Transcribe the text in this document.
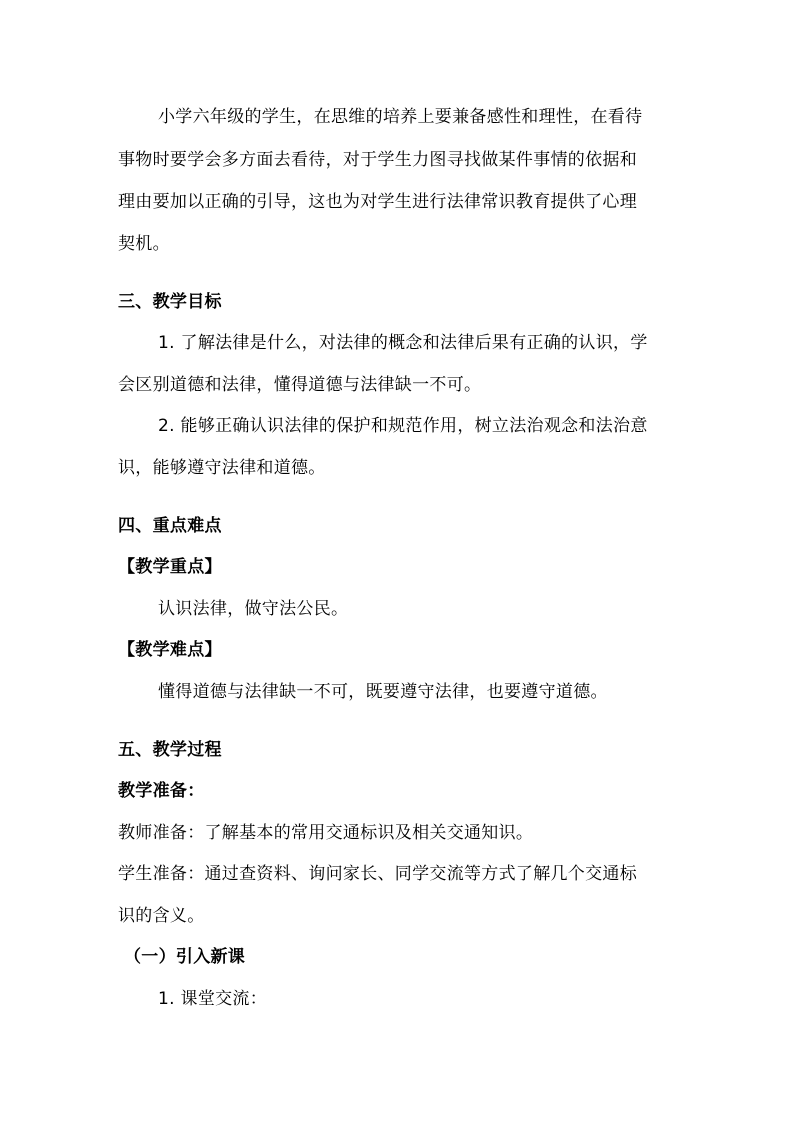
小学六年级的学生，在思维的培养上要兼备感性和理性，在看待
事物时要学会多方面去看待，对于学生力图寻找做某件事情的依据和
理由要加以正确的引导，这也为对学生进行法律常识教育提供了心理
契机。
三、教学目标
1. 了解法律是什么，对法律的概念和法律后果有正确的认识，学
会区别道德和法律，懂得道德与法律缺一不可。
2. 能够正确认识法律的保护和规范作用，树立法治观念和法治意
识，能够遵守法律和道德。
四、重点难点
【教学重点】
认识法律，做守法公民。
【教学难点】
懂得道德与法律缺一不可，既要遵守法律，也要遵守道德。
五、教学过程
教学准备：
教师准备：了解基本的常用交通标识及相关交通知识。
学生准备：通过查资料、询问家长、同学交流等方式了解几个交通标
识的含义。
（一）引入新课
1. 课堂交流：
